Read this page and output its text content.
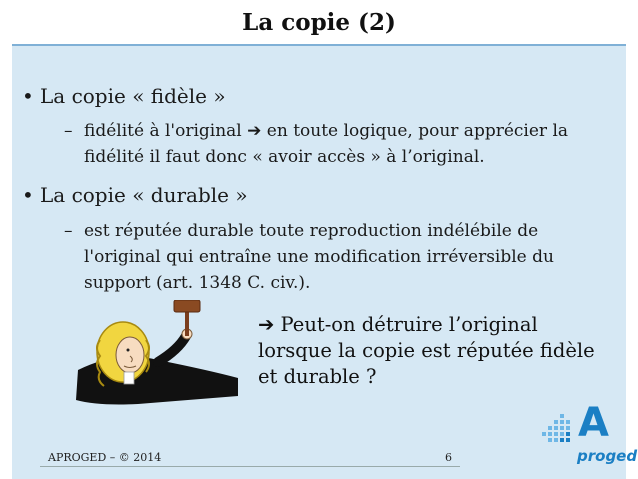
La copie (2)
• La copie « fidèle »
– fidélité à l'original ➔ en toute logique, pour apprécier la fidélité il faut donc « avoir accès » à l’original.
• La copie « durable »
– est réputée durable toute reproduction indélébile de l'original qui entraîne une modification irréversible du support (art. 1348 C. civ.).
➔ Peut-on détruire l’original lorsque la copie est réputée fidèle et durable ?
APROGED – © 2014	6
A
proged
